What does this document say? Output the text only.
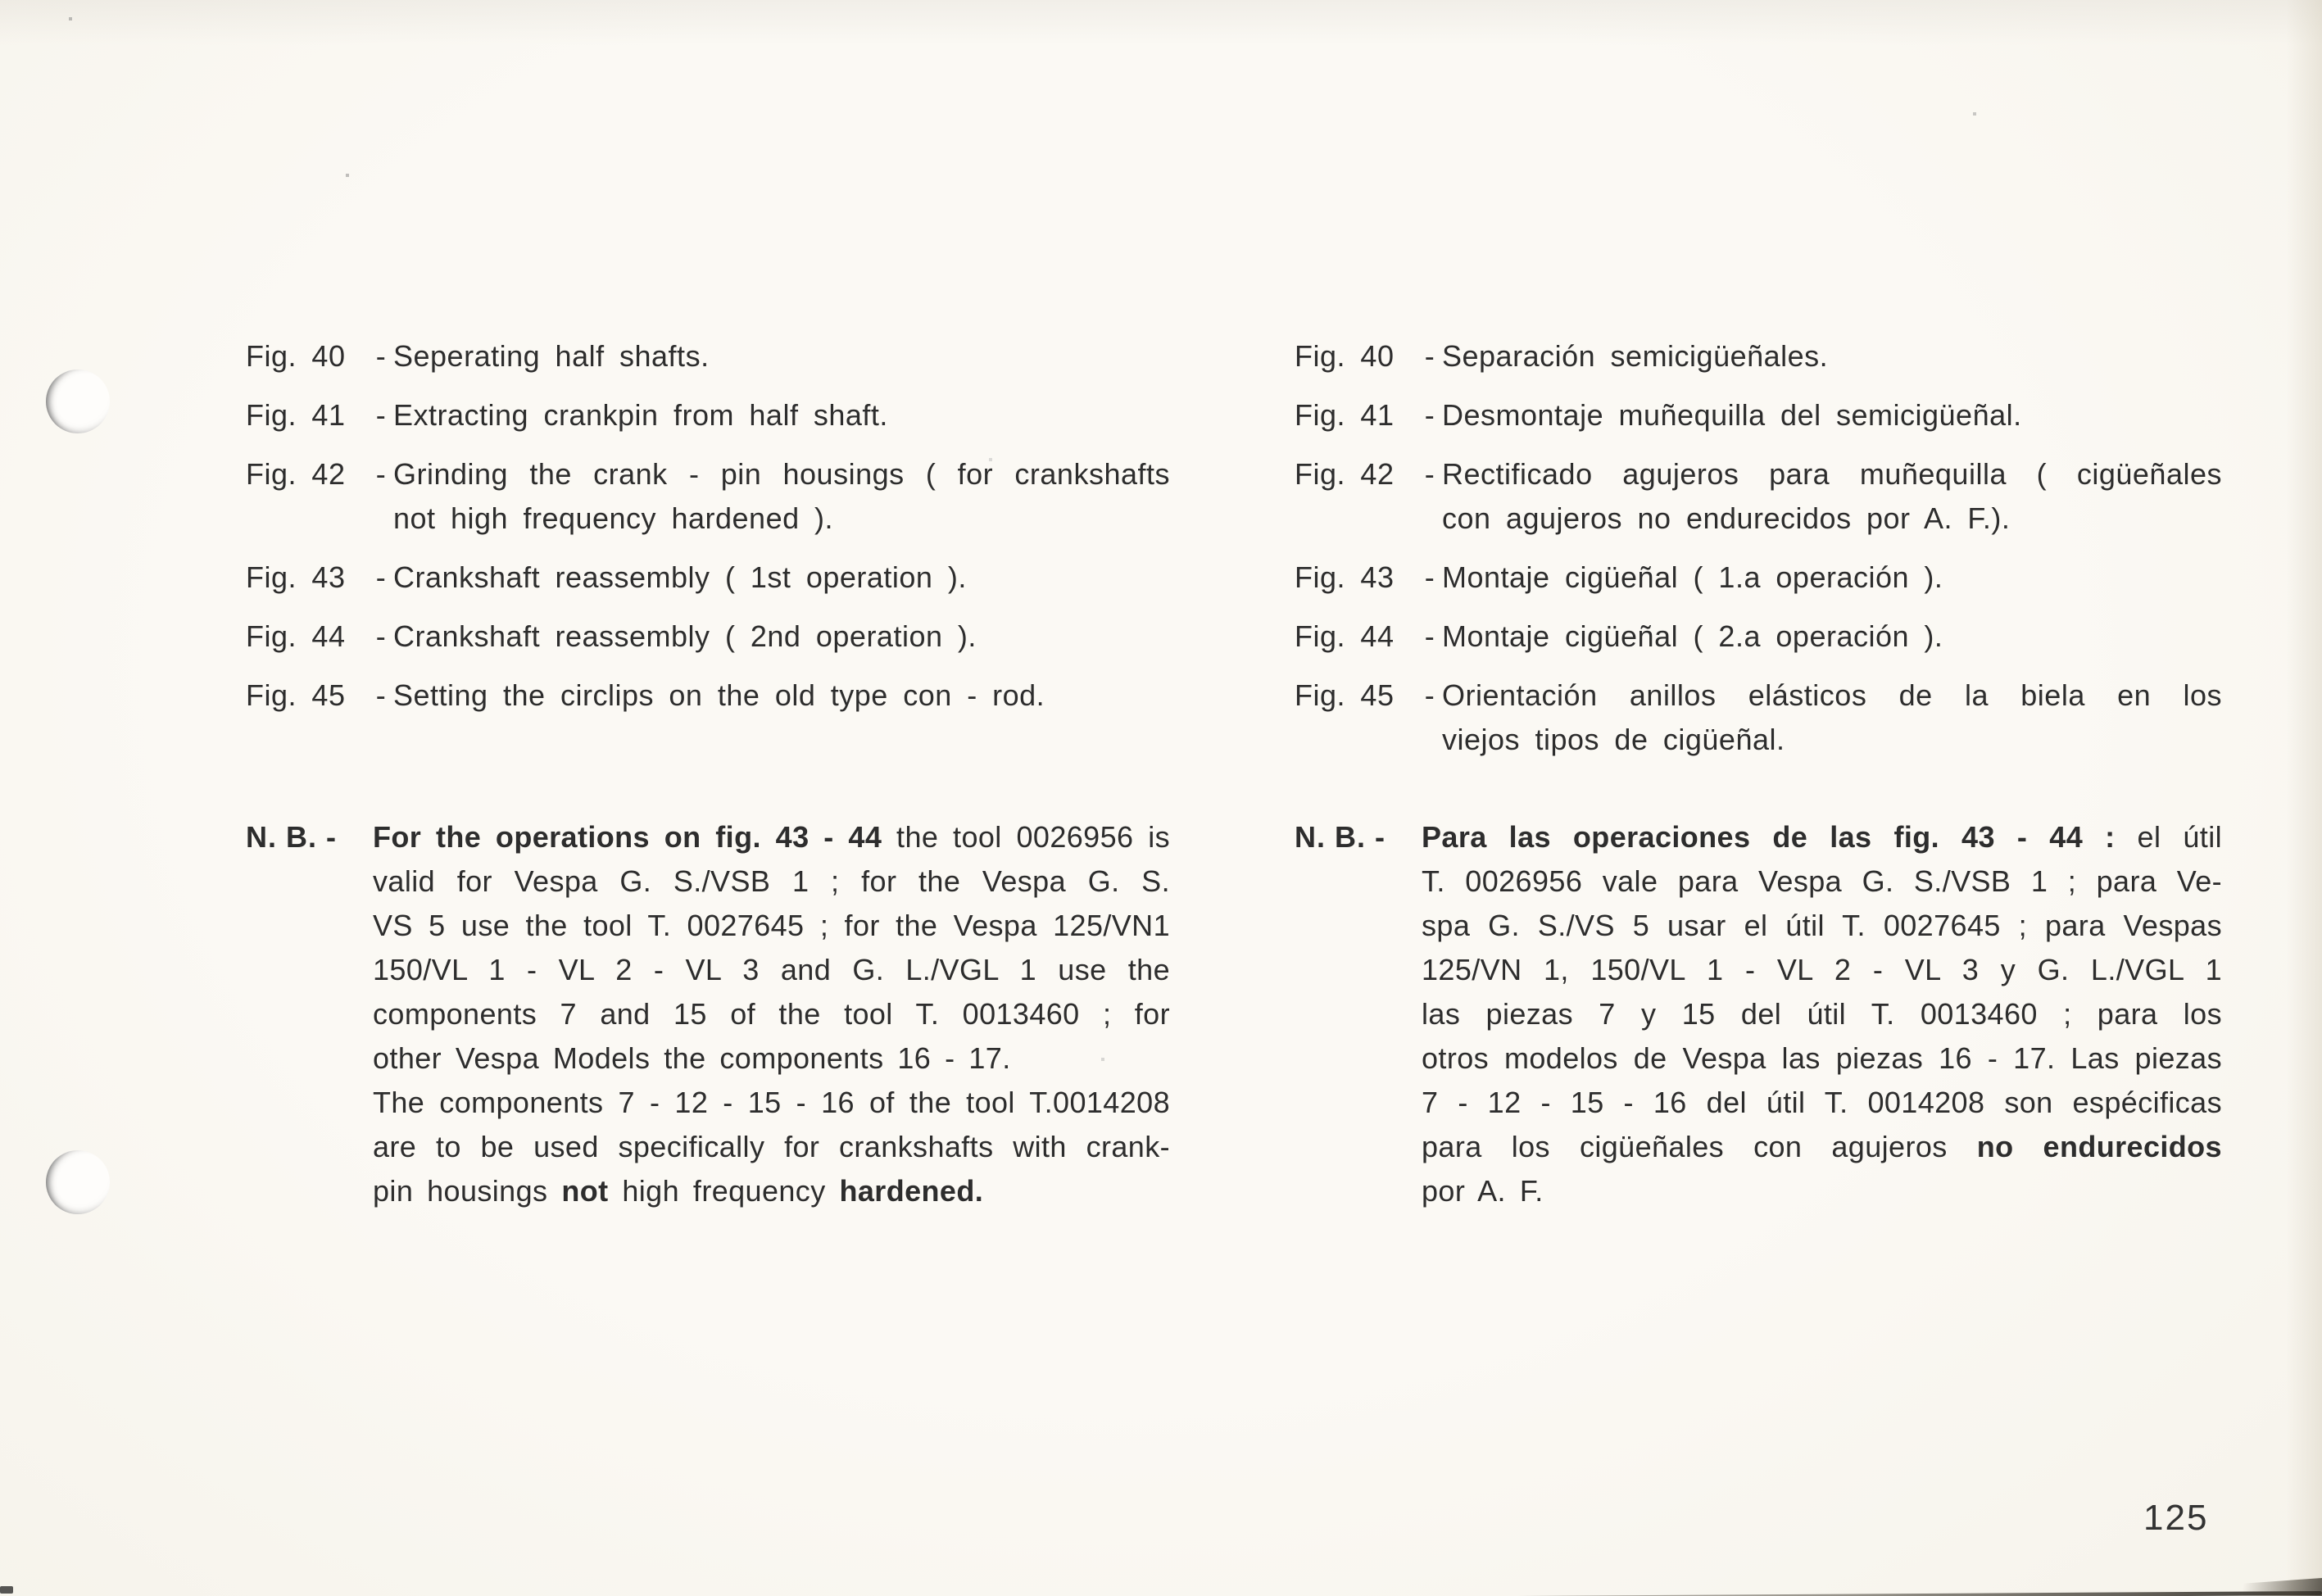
Fig. 40	- Seperating half shafts.
Fig. 41	- Extracting crankpin from half shaft.
Fig. 42	- Grinding the crank - pin housings ( for crankshafts
not high frequency hardened ).
Fig. 43	- Crankshaft reassembly ( 1st operation ).
Fig. 44	- Crankshaft reassembly ( 2nd operation ).
Fig. 45	- Setting the circlips on the old type con - rod.
N. B. -	For the operations on fig. 43 - 44 the tool 0026956 is
valid for Vespa G. S./VSB 1 ; for the Vespa G. S.
VS 5 use the tool T. 0027645 ; for the Vespa 125/VN1
150/VL 1 - VL 2 - VL 3 and G. L./VGL 1 use the
components 7 and 15 of the tool T. 0013460 ; for
other Vespa Models the components 16 - 17.
The components 7 - 12 - 15 - 16 of the tool T.0014208
are to be used specifically for crankshafts with crank-
pin housings not high frequency hardened.
Fig. 40	- Separación semicigüeñales.
Fig. 41	- Desmontaje muñequilla del semicigüeñal.
Fig. 42	- Rectificado agujeros para muñequilla ( cigüeñales
con agujeros no endurecidos por A. F.).
Fig. 43	- Montaje cigüeñal ( 1.a operación ).
Fig. 44	- Montaje cigüeñal ( 2.a operación ).
Fig. 45	- Orientación anillos elásticos de la biela en los
viejos tipos de cigüeñal.
N. B. -	Para las operaciones de las fig. 43 - 44 : el útil
T. 0026956 vale para Vespa G. S./VSB 1 ; para Ve-
spa G. S./VS 5 usar el útil T. 0027645 ; para Vespas
125/VN 1, 150/VL 1 - VL 2 - VL 3 y G. L./VGL 1
las piezas 7 y 15 del útil T. 0013460 ; para los
otros modelos de Vespa las piezas 16 - 17. Las piezas
7 - 12 - 15 - 16 del útil T. 0014208 son espécificas
para los cigüeñales con agujeros no endurecidos
por A. F.
125
